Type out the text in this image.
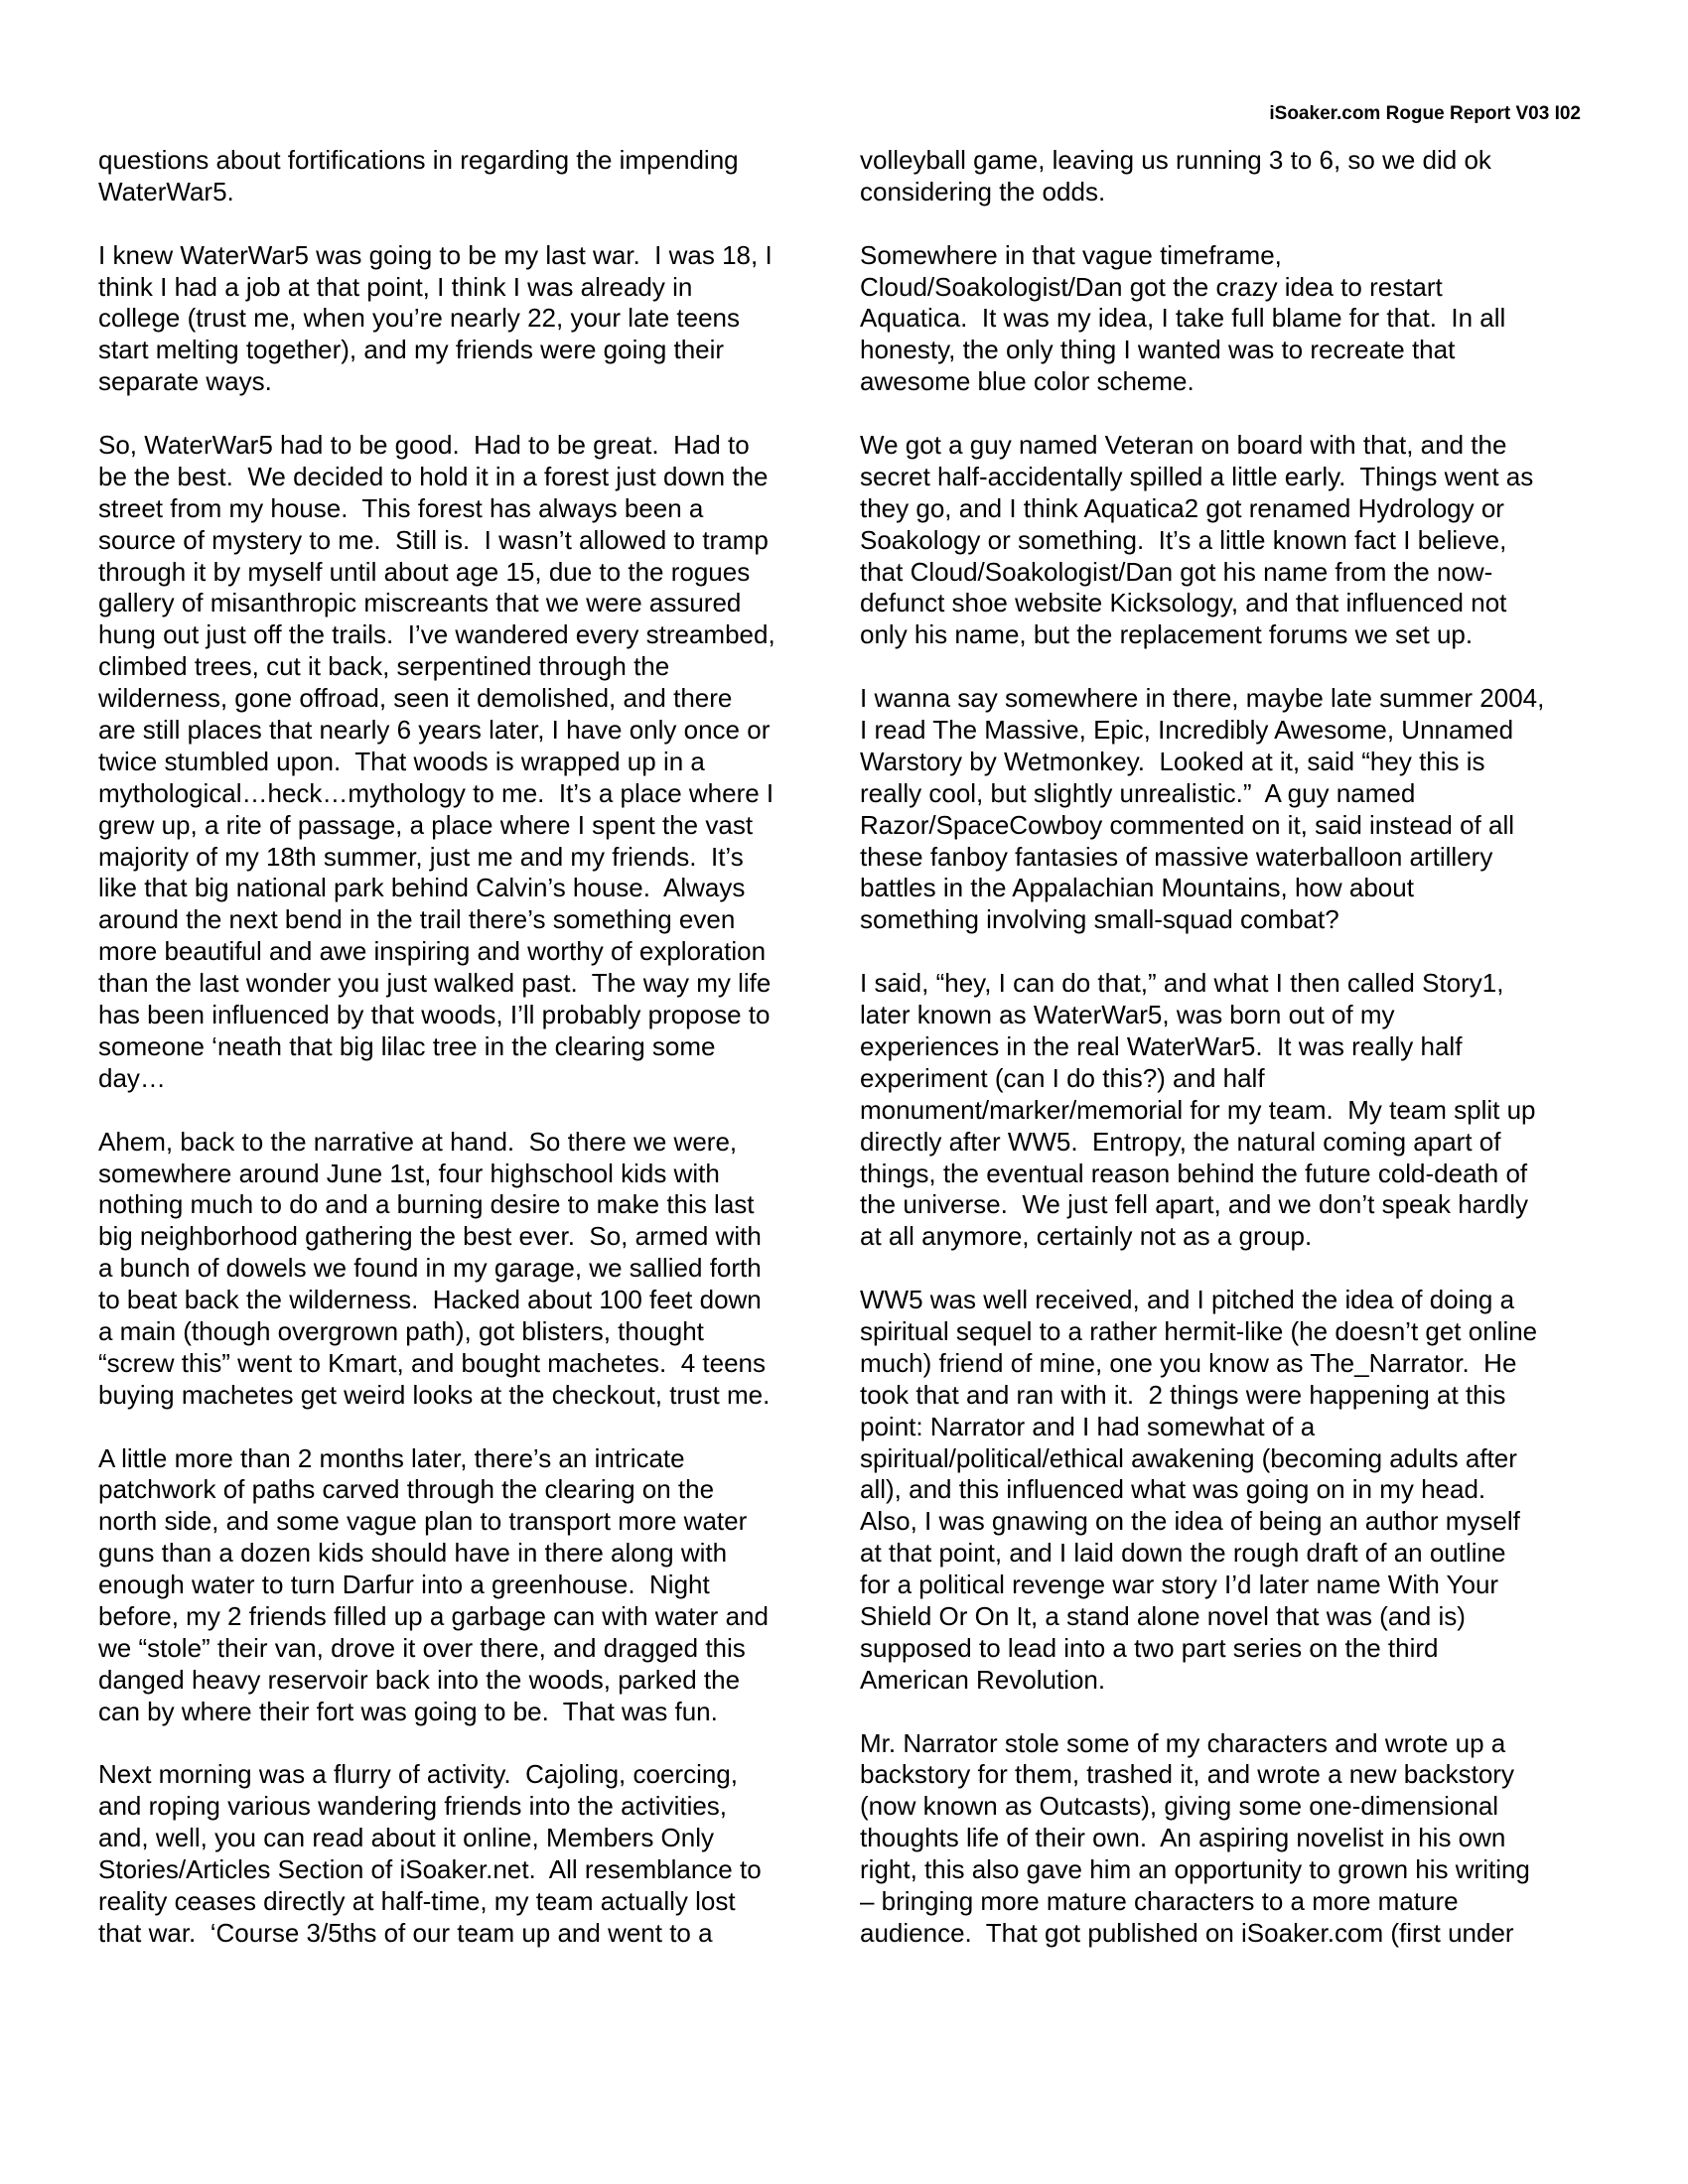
iSoaker.com Rogue Report V03 I02
questions about fortifications in regarding the impending
WaterWar5.
I knew WaterWar5 was going to be my last war.  I was 18, I
think I had a job at that point, I think I was already in
college (trust me, when you’re nearly 22, your late teens
start melting together), and my friends were going their
separate ways.
So, WaterWar5 had to be good.  Had to be great.  Had to
be the best.  We decided to hold it in a forest just down the
street from my house.  This forest has always been a
source of mystery to me.  Still is.  I wasn’t allowed to tramp
through it by myself until about age 15, due to the rogues
gallery of misanthropic miscreants that we were assured
hung out just off the trails.  I’ve wandered every streambed,
climbed trees, cut it back, serpentined through the
wilderness, gone offroad, seen it demolished, and there
are still places that nearly 6 years later, I have only once or
twice stumbled upon.  That woods is wrapped up in a
mythological…heck…mythology to me.  It’s a place where I
grew up, a rite of passage, a place where I spent the vast
majority of my 18th summer, just me and my friends.  It’s
like that big national park behind Calvin’s house.  Always
around the next bend in the trail there’s something even
more beautiful and awe inspiring and worthy of exploration
than the last wonder you just walked past.  The way my life
has been influenced by that woods, I’ll probably propose to
someone ‘neath that big lilac tree in the clearing some
day…
Ahem, back to the narrative at hand.  So there we were,
somewhere around June 1st, four highschool kids with
nothing much to do and a burning desire to make this last
big neighborhood gathering the best ever.  So, armed with
a bunch of dowels we found in my garage, we sallied forth
to beat back the wilderness.  Hacked about 100 feet down
a main (though overgrown path), got blisters, thought
“screw this” went to Kmart, and bought machetes.  4 teens
buying machetes get weird looks at the checkout, trust me.
A little more than 2 months later, there’s an intricate
patchwork of paths carved through the clearing on the
north side, and some vague plan to transport more water
guns than a dozen kids should have in there along with
enough water to turn Darfur into a greenhouse.  Night
before, my 2 friends filled up a garbage can with water and
we “stole” their van, drove it over there, and dragged this
danged heavy reservoir back into the woods, parked the
can by where their fort was going to be.  That was fun.
Next morning was a flurry of activity.  Cajoling, coercing,
and roping various wandering friends into the activities,
and, well, you can read about it online, Members Only
Stories/Articles Section of iSoaker.net.  All resemblance to
reality ceases directly at half-time, my team actually lost
that war.  ‘Course 3/5ths of our team up and went to a
volleyball game, leaving us running 3 to 6, so we did ok
considering the odds.
Somewhere in that vague timeframe,
Cloud/Soakologist/Dan got the crazy idea to restart
Aquatica.  It was my idea, I take full blame for that.  In all
honesty, the only thing I wanted was to recreate that
awesome blue color scheme.
We got a guy named Veteran on board with that, and the
secret half-accidentally spilled a little early.  Things went as
they go, and I think Aquatica2 got renamed Hydrology or
Soakology or something.  It’s a little known fact I believe,
that Cloud/Soakologist/Dan got his name from the now-
defunct shoe website Kicksology, and that influenced not
only his name, but the replacement forums we set up.
I wanna say somewhere in there, maybe late summer 2004,
I read The Massive, Epic, Incredibly Awesome, Unnamed
Warstory by Wetmonkey.  Looked at it, said “hey this is
really cool, but slightly unrealistic.”  A guy named
Razor/SpaceCowboy commented on it, said instead of all
these fanboy fantasies of massive waterballoon artillery
battles in the Appalachian Mountains, how about
something involving small-squad combat?
I said, “hey, I can do that,” and what I then called Story1,
later known as WaterWar5, was born out of my
experiences in the real WaterWar5.  It was really half
experiment (can I do this?) and half
monument/marker/memorial for my team.  My team split up
directly after WW5.  Entropy, the natural coming apart of
things, the eventual reason behind the future cold-death of
the universe.  We just fell apart, and we don’t speak hardly
at all anymore, certainly not as a group.
WW5 was well received, and I pitched the idea of doing a
spiritual sequel to a rather hermit-like (he doesn’t get online
much) friend of mine, one you know as The_Narrator.  He
took that and ran with it.  2 things were happening at this
point: Narrator and I had somewhat of a
spiritual/political/ethical awakening (becoming adults after
all), and this influenced what was going on in my head.
Also, I was gnawing on the idea of being an author myself
at that point, and I laid down the rough draft of an outline
for a political revenge war story I’d later name With Your
Shield Or On It, a stand alone novel that was (and is)
supposed to lead into a two part series on the third
American Revolution.
Mr. Narrator stole some of my characters and wrote up a
backstory for them, trashed it, and wrote a new backstory
(now known as Outcasts), giving some one-dimensional
thoughts life of their own.  An aspiring novelist in his own
right, this also gave him an opportunity to grown his writing
– bringing more mature characters to a more mature
audience.  That got published on iSoaker.com (first under
